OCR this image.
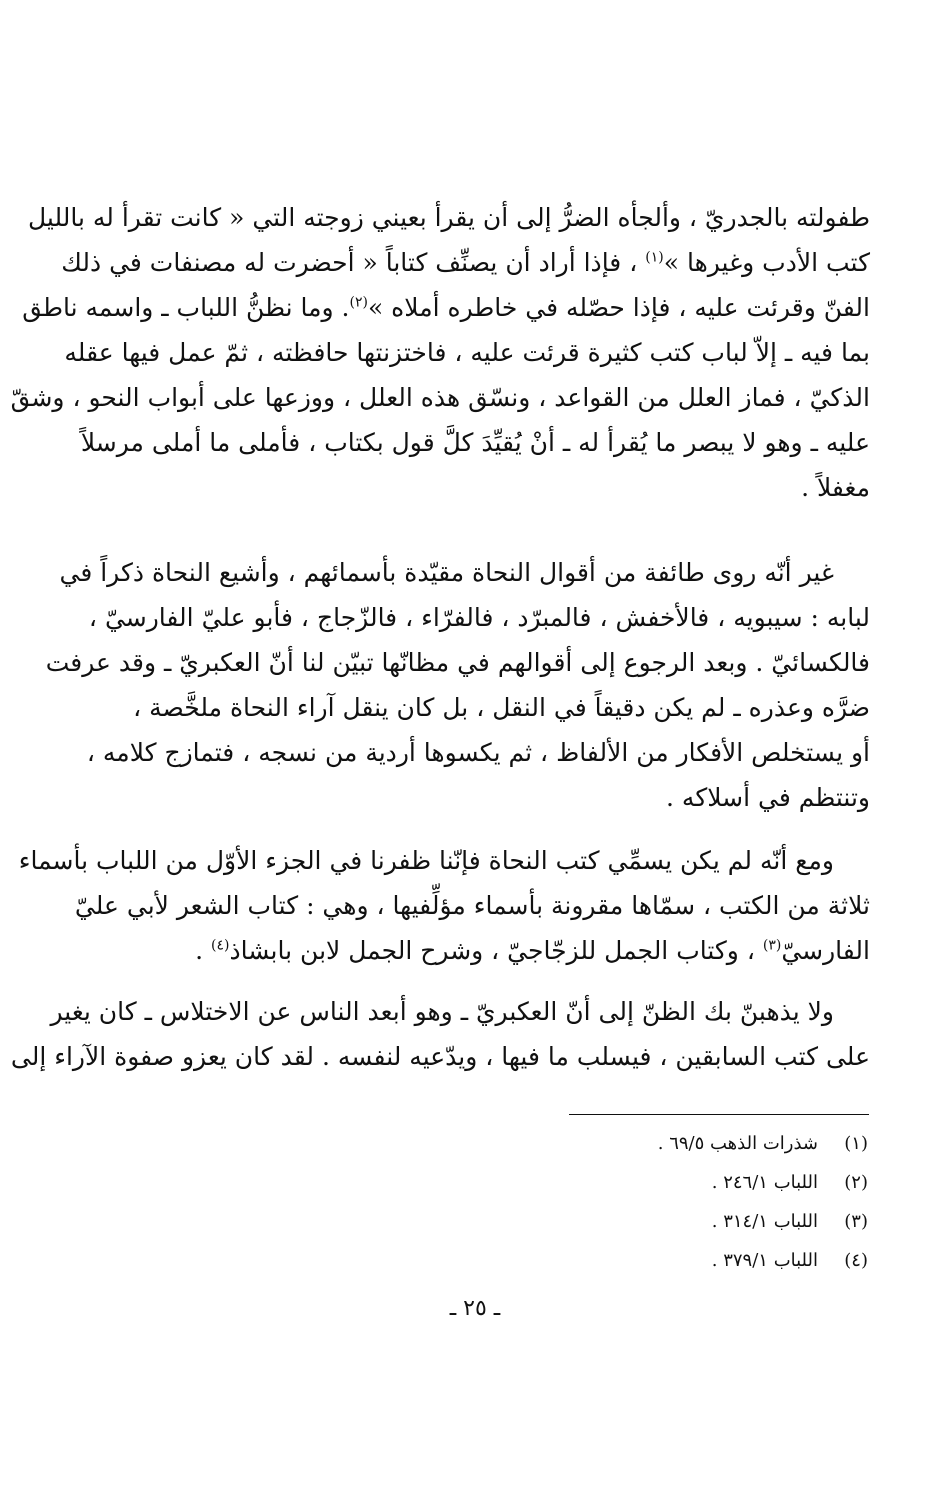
طفولته بالجدريّ ، وألجأه الضرُّ إلى أن يقرأ بعيني زوجته التي « كانت تقرأ له بالليل
كتب الأدب وغيرها »$^{(١)}$ ، فإذا أراد أن يصنِّف كتاباً « أحضرت له مصنفات في ذلك
الفنّ وقرئت عليه ، فإذا حصّله في خاطره أملاه »$^{(٢)}$. وما نظنُّ اللباب ـ واسمه ناطق
بما فيه ـ إلاّ لباب كتب كثيرة قرئت عليه ، فاختزنتها حافظته ، ثمّ عمل فيها عقله
الذكيّ ، فماز العلل من القواعد ، ونسّق هذه العلل ، ووزعها على أبواب النحو ، وشقّ
عليه ـ وهو لا يبصر ما يُقرأ له ـ أنْ يُقيِّدَ كلَّ قول بكتاب ، فأملى ما أملى مرسلاً
مغفلاً .
غير أنّه روى طائفة من أقوال النحاة مقيّدة بأسمائهم ، وأشيع النحاة ذكراً في
لبابه : سيبويه ، فالأخفش ، فالمبرّد ، فالفرّاء ، فالزّجاج ، فأبو عليّ الفارسيّ ،
فالكسائيّ . وبعد الرجوع إلى أقوالهم في مظانّها تبيّن لنا أنّ العكبريّ ـ وقد عرفت
ضرَّه وعذره ـ لم يكن دقيقاً في النقل ، بل كان ينقل آراء النحاة ملخَّصة ،
أو يستخلص الأفكار من الألفاظ ، ثم يكسوها أردية من نسجه ، فتمازج كلامه ،
وتنتظم في أسلاكه .
ومع أنّه لم يكن يسمِّي كتب النحاة فإنّنا ظفرنا في الجزء الأوّل من اللباب بأسماء
ثلاثة من الكتب ، سمّاها مقرونة بأسماء مؤلِّفيها ، وهي : كتاب الشعر لأبي عليّ
الفارسيّ$^{(٣)}$ ، وكتاب الجمل للزجّاجيّ ، وشرح الجمل لابن بابشاذ$^{(٤)}$ .
ولا يذهبنّ بك الظنّ إلى أنّ العكبريّ ـ وهو أبعد الناس عن الاختلاس ـ كان يغير
على كتب السابقين ، فيسلب ما فيها ، ويدّعيه لنفسه . لقد كان يعزو صفوة الآراء إلى
(١)
شذرات الذهب ٦٩/٥ .
(٢)
اللباب ٢٤٦/١ .
(٣)
اللباب ٣١٤/١ .
(٤)
اللباب ٣٧٩/١ .
ـ ٢٥ ـ
